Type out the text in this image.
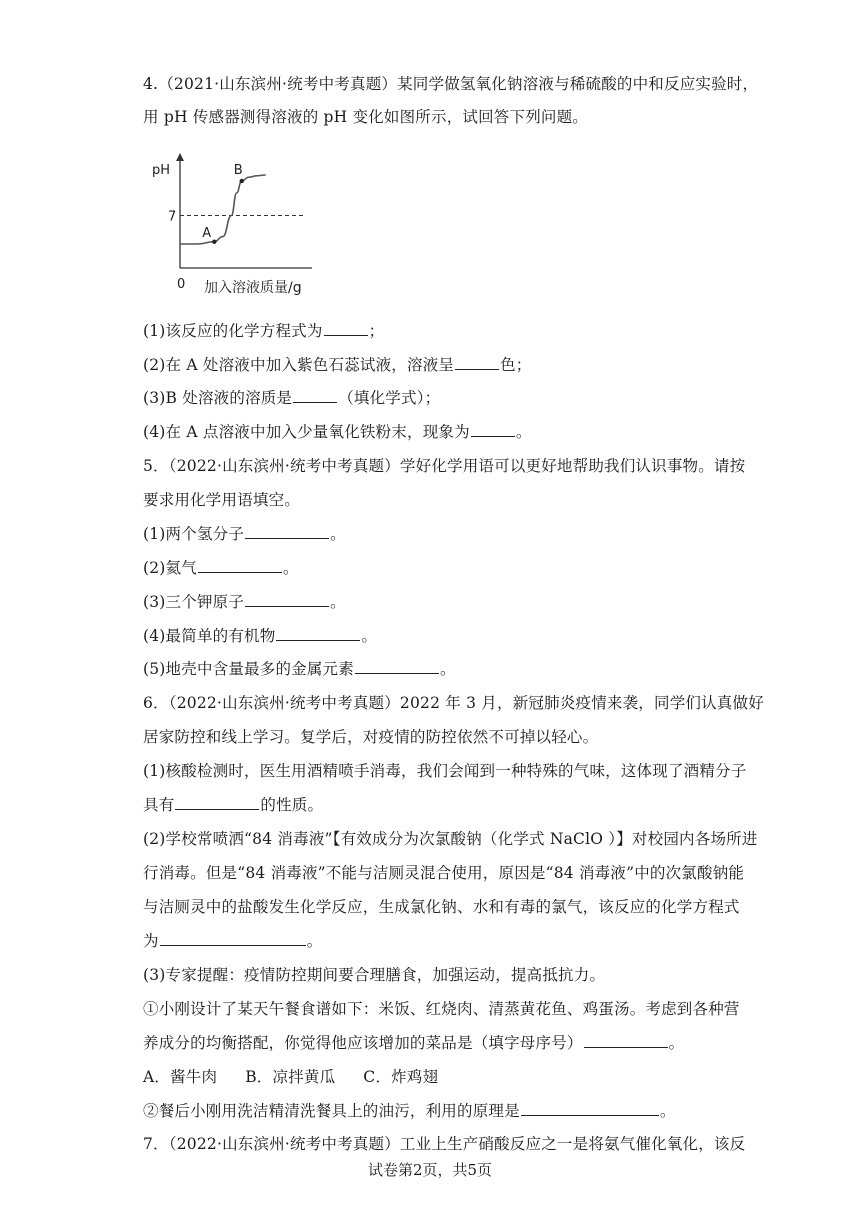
4.（2021·山东滨州·统考中考真题）某同学做氢氧化钠溶液与稀硫酸的中和反应实验时，
用 pH 传感器测得溶液的 pH 变化如图所示，试回答下列问题。
pH
0 加入溶液质量/g
7
A
B
(1)该反应的化学方程式为	；
(2)在 A 处溶液中加入紫色石蕊试液，溶液呈	色；
(3)B 处溶液的溶质是	（填化学式）；
(4)在 A 点溶液中加入少量氧化铁粉末，现象为	。
5．（2022·山东滨州·统考中考真题）学好化学用语可以更好地帮助我们认识事物。请按
要求用化学用语填空。
(1)两个氢分子	。
(2)氦气	。
(3)三个钾原子	。
(4)最简单的有机物	。
(5)地壳中含量最多的金属元素	。
6．（2022·山东滨州·统考中考真题）2022 年 3 月，新冠肺炎疫情来袭，同学们认真做好
居家防控和线上学习。复学后，对疫情的防控依然不可掉以轻心。
(1)核酸检测时，医生用酒精喷手消毒，我们会闻到一种特殊的气味，这体现了酒精分子
具有	的性质。
(2)学校常喷洒“84 消毒液”【有效成分为次氯酸钠（化学式 NaClO ）】对校园内各场所进
行消毒。但是“84 消毒液”不能与洁厕灵混合使用，原因是“84 消毒液”中的次氯酸钠能
与洁厕灵中的盐酸发生化学反应，生成氯化钠、水和有毒的氯气，该反应的化学方程式
为	。
(3)专家提醒：疫情防控期间要合理膳食，加强运动，提高抵抗力。
①小刚设计了某天午餐食谱如下：米饭、红烧肉、清蒸黄花鱼、鸡蛋汤。考虑到各种营
养成分的均衡搭配，你觉得他应该增加的菜品是（填字母序号）	。
A．酱牛肉 B．凉拌黄瓜 C．炸鸡翅
②餐后小刚用洗洁精清洗餐具上的油污，利用的原理是	。
7．（2022·山东滨州·统考中考真题）工业上生产硝酸反应之一是将氨气催化氧化，该反
试卷第2页，共5页
